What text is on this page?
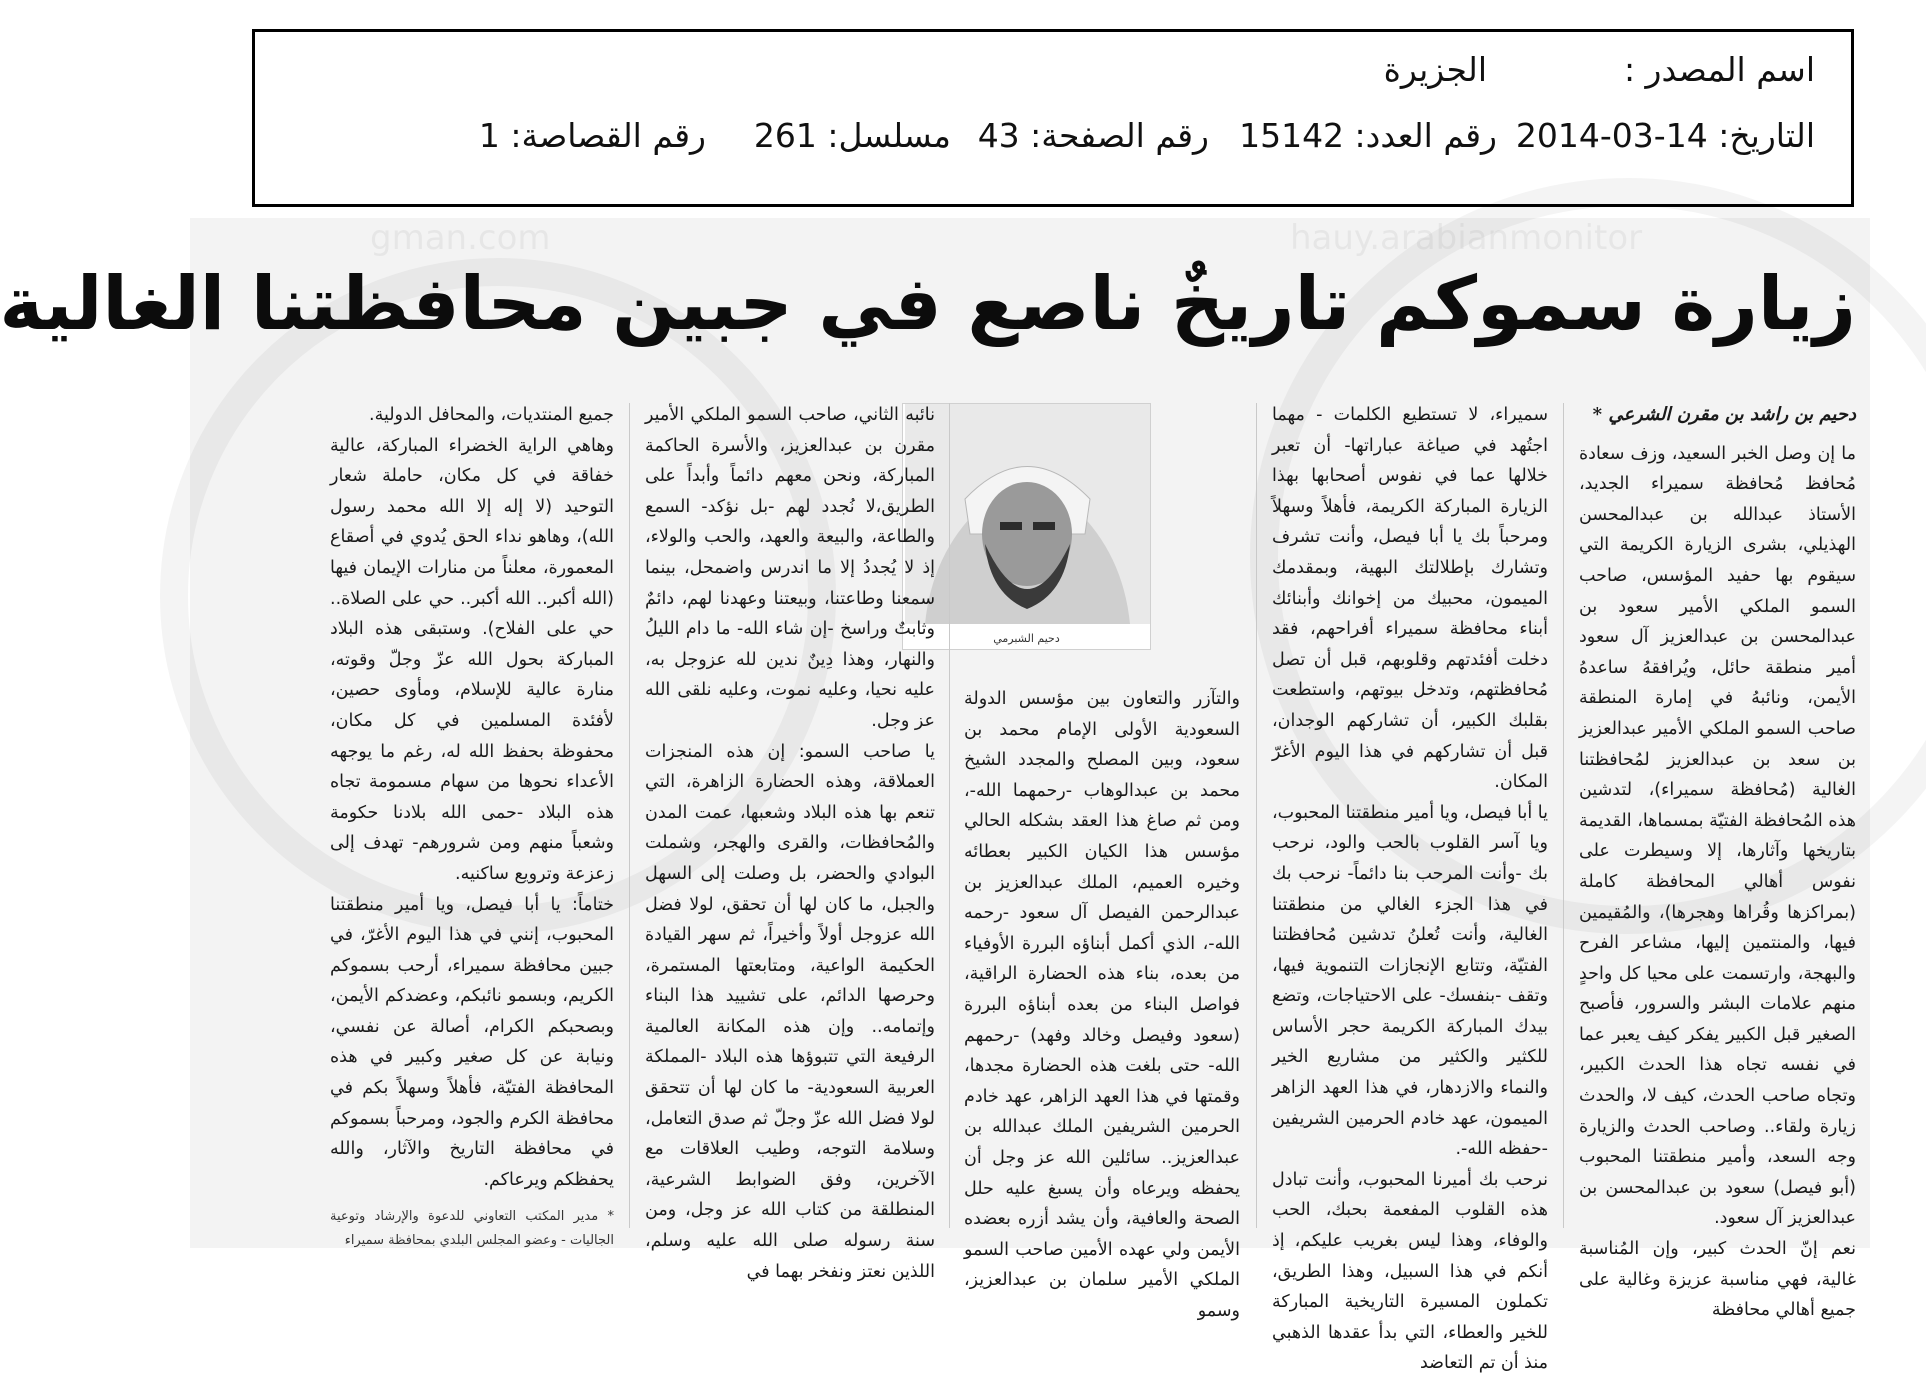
اسم المصدر :
الجزيرة
التاريخ: 14-03-2014
رقم العدد: 15142
رقم الصفحة: 43
مسلسل: 261
رقم القصاصة: 1
gman.com	hauy.arabianmonitor
زيارة سموكم تاريخٌ ناصع في جبين محافظتنا الغالية
دحيم بن راشد بن مقرن الشرعي *

ما إن وصل الخبر السعيد، وزف سعادة مُحافظ مُحافظة سميراء الجديد، الأستاذ عبدالله بن عبدالمحسن الهذيلي، بشرى الزيارة الكريمة التي سيقوم بها حفيد المؤسس، صاحب السمو الملكي الأمير سعود بن عبدالمحسن بن عبدالعزيز آل سعود أمير منطقة حائل، ويُرافقهُ ساعدهُ الأيمن، ونائبهُ في إمارة المنطقة صاحب السمو الملكي الأمير عبدالعزيز بن سعد بن عبدالعزيز لمُحافظتنا الغالية (مُحافظة سميراء)، لتدشين هذه المُحافظة الفتيّة بمسماها، القديمة بتاريخها وآثارها، إلا وسيطرت على نفوس أهالي المحافظة كاملة (بمراكزها وقُراها وهجرها)، والمُقيمين فيها، والمنتمين إليها، مشاعر الفرح والبهجة، وارتسمت على محيا كل واحدٍ منهم علامات البشر والسرور، فأصبح الصغير قبل الكبير يفكر كيف يعبر عما في نفسه تجاه هذا الحدث الكبير، وتجاه صاحب الحدث، كيف لا، والحدث زيارة ولقاء.. وصاحب الحدث والزيارة وجه السعد، وأمير منطقتنا المحبوب (أبو فيصل) سعود بن عبدالمحسن بن عبدالعزيز آل سعود.
نعم إنّ الحدث كبير، وإن المُناسبة غالية، فهي مناسبة عزيزة وغالية على جميع أهالي محافظة

سميراء، لا تستطيع الكلمات - مهما اجتُهد في صياغة عباراتها- أن تعبر خلالها عما في نفوس أصحابها بهذا الزيارة المباركة الكريمة، فأهلاً وسهلاً ومرحباً بك يا أبا فيصل، وأنت تشرف وتشارك بإطلالتك البهية، وبمقدمك الميمون، محبيك من إخوانك وأبنائك أبناء محافظة سميراء أفراحهم، فقد دخلت أفئدتهم وقلوبهم، قبل أن تصل مُحافظتهم، وتدخل بيوتهم، واستطعت بقلبك الكبير، أن تشاركهم الوجدان، قبل أن تشاركهم في هذا اليوم الأغرّ المكان.
يا أبا فيصل، ويا أمير منطقتنا المحبوب، ويا آسر القلوب بالحب والود، نرحب بك -وأنت المرحب بنا دائماً- نرحب بك في هذا الجزء الغالي من منطقتنا الغالية، وأنت تُعلنُ تدشين مُحافظتنا الفتيّة، وتتابع الإنجازات التنموية فيها، وتقف -بنفسك- على الاحتياجات، وتضع بيدك المباركة الكريمة حجر الأساس للكثير والكثير من مشاريع الخير والنماء والازدهار، في هذا العهد الزاهر الميمون، عهد خادم الحرمين الشريفين -حفظه الله-.
نرحب بك أميرنا المحبوب، وأنت تبادل هذه القلوب المفعمة بحبك، الحب والوفاء، وهذا ليس بغريب عليكم، إذ أنكم في هذا السبيل، وهذا الطريق، تكملون المسيرة التاريخية المباركة للخير والعطاء، التي بدأ عقدها الذهبي منذ أن تم التعاضد

دحيم الشبرمي

والتآزر والتعاون بين مؤسس الدولة السعودية الأولى الإمام محمد بن سعود، وبين المصلح والمجدد الشيخ محمد بن عبدالوهاب -رحمهما الله-، ومن ثم صاغ هذا العقد بشكله الحالي مؤسس هذا الكيان الكبير بعطائه وخيره العميم، الملك عبدالعزيز بن عبدالرحمن الفيصل آل سعود -رحمه الله-، الذي أكمل أبناؤه البررة الأوفياء من بعده، بناء هذه الحضارة الراقية، فواصل البناء من بعده أبناؤه البررة (سعود وفيصل وخالد وفهد) -رحمهم الله- حتى بلغت هذه الحضارة مجدها، وقمتها في هذا العهد الزاهر، عهد خادم الحرمين الشريفين الملك عبدالله بن عبدالعزيز.. سائلين الله عز وجل أن يحفظه ويرعاه وأن يسبغ عليه حلل الصحة والعافية، وأن يشد أزره بعضده الأيمن ولي عهده الأمين صاحب السمو الملكي الأمير سلمان بن عبدالعزيز، وسمو

نائبه الثاني، صاحب السمو الملكي الأمير مقرن بن عبدالعزيز، والأسرة الحاكمة المباركة، ونحن معهم دائماً وأبداً على الطريق،لا نُجدد لهم -بل نؤكد- السمع والطاعة، والبيعة والعهد، والحب والولاء، إذ لا يُجددُ إلا ما اندرس واضمحل، بينما سمعنا وطاعتنا، وبيعتنا وعهدنا لهم، دائمٌ وثابتٌ وراسخ -إن شاء الله- ما دام الليلُ والنهار، وهذا دِينٌ ندين لله عزوجل به، عليه نحيا، وعليه نموت، وعليه نلقى الله عز وجل.
يا صاحب السمو: إن هذه المنجزات العملاقة، وهذه الحضارة الزاهرة، التي تنعم بها هذه البلاد وشعبها، عمت المدن والمُحافظات، والقرى والهجر، وشملت البوادي والحضر، بل وصلت إلى السهل والجبل، ما كان لها أن تحقق، لولا فضل الله عزوجل أولاً وأخيراً، ثم سهر القيادة الحكيمة الواعية، ومتابعتها المستمرة، وحرصها الدائم، على تشييد هذا البناء وإتمامه.. وإن هذه المكانة العالمية الرفيعة التي تتبوؤها هذه البلاد -المملكة العربية السعودية- ما كان لها أن تتحقق لولا فضل الله عزّ وجلّ ثم صدق التعامل، وسلامة التوجه، وطيب العلاقات مع الآخرين، وفق الضوابط الشرعية، المنطلقة من كتاب الله عز وجل، ومن سنة رسوله صلى الله عليه وسلم، اللذين نعتز ونفخر بهما في

جميع المنتديات، والمحافل الدولية.
وهاهي الراية الخضراء المباركة، عالية خفاقة في كل مكان، حاملة شعار التوحيد (لا إله إلا الله محمد رسول الله)، وهاهو نداء الحق يُدوي في أصقاع المعمورة، معلناً من منارات الإيمان فيها (الله أكبر.. الله أكبر.. حي على الصلاة.. حي على الفلاح). وستبقى هذه البلاد المباركة بحول الله عزّ وجلّ وقوته، منارة عالية للإسلام، ومأوى حصين، لأفئدة المسلمين في كل مكان، محفوظة بحفظ الله له، رغم ما يوجهه الأعداء نحوها من سهام مسمومة تجاه هذه البلاد -حمى الله بلادنا حكومة وشعباً منهم ومن شرورهم- تهدف إلى زعزعة وترويع ساكنيه.
ختاماً: يا أبا فيصل، ويا أمير منطقتنا المحبوب، إنني في هذا اليوم الأغرّ، في جبين محافظة سميراء، أرحب بسموكم الكريم، وبسمو نائبكم، وعضدكم الأيمن، وبصحبكم الكرام، أصالة عن نفسي، ونيابة عن كل صغير وكبير في هذه المحافظة الفتيّة، فأهلاً وسهلاً بكم في محافظة الكرم والجود، ومرحباً بسموكم في محافظة التاريخ والآثار، والله يحفظكم ويرعاكم.

* مدير المكتب التعاوني للدعوة والإرشاد وتوعية الجاليات - وعضو المجلس البلدي بمحافظة سميراء
